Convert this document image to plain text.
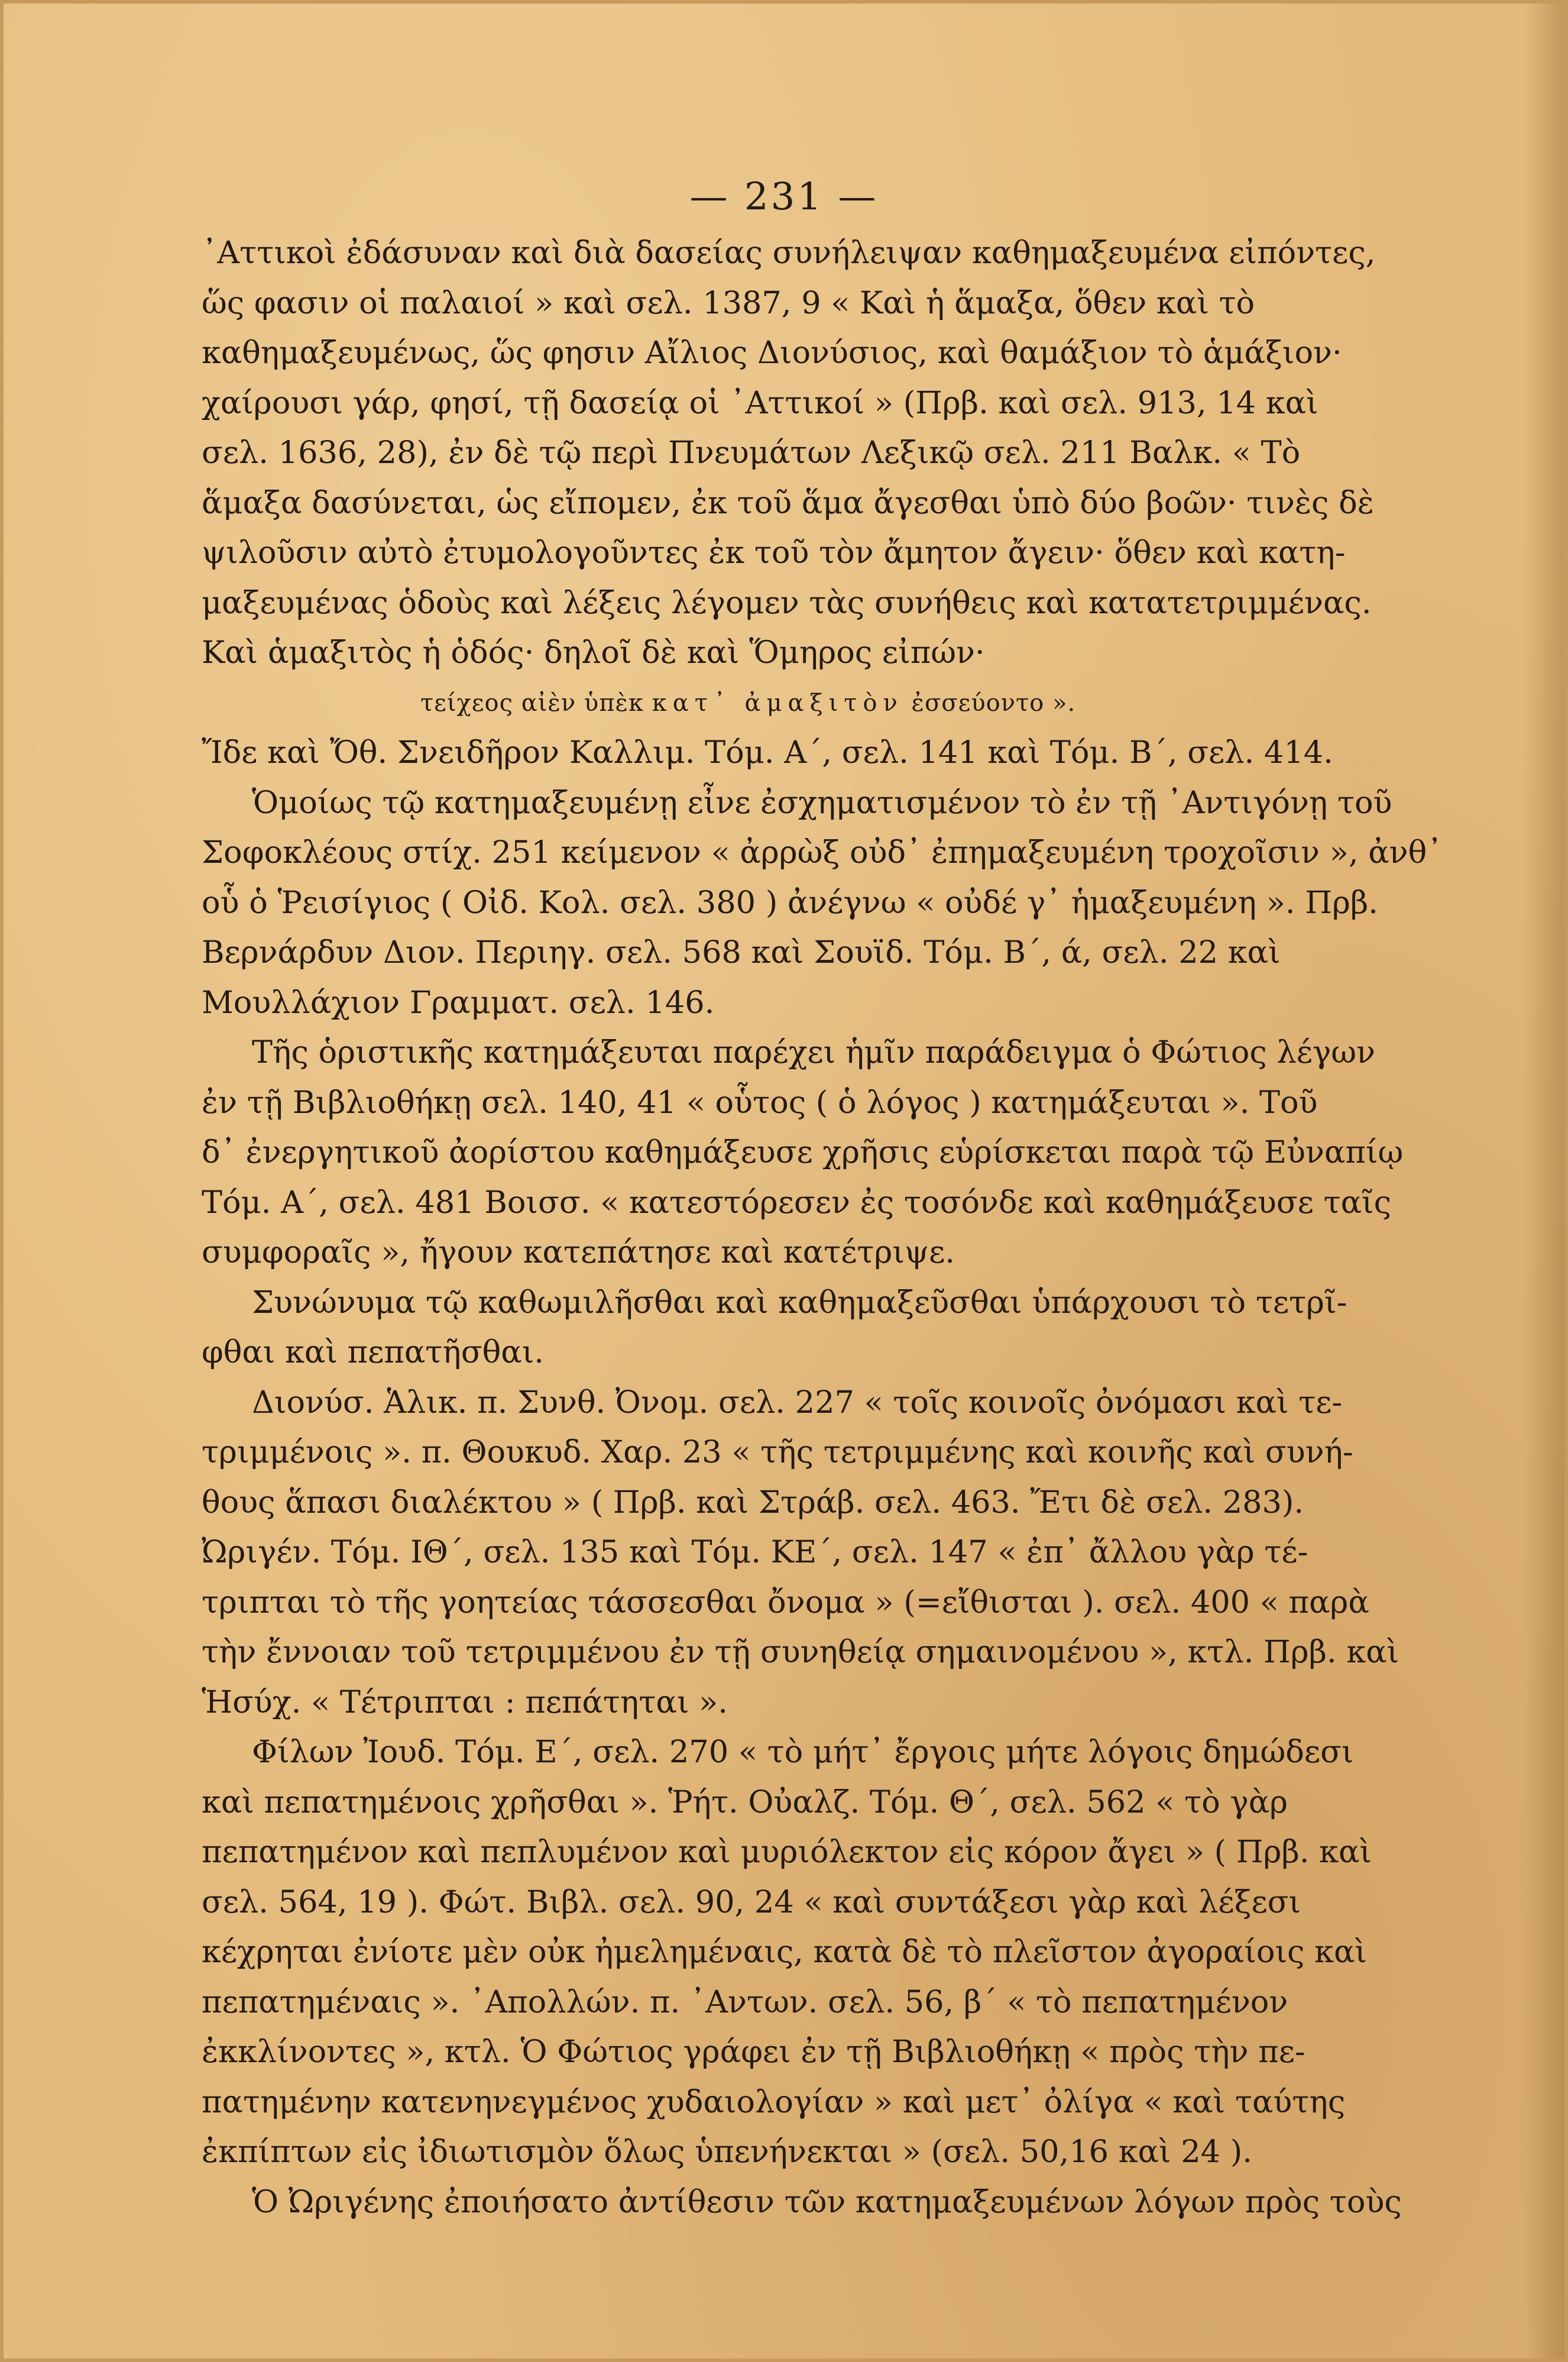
— 231 —
᾿Αττικοὶ ἐδάσυναν καὶ διὰ δασείας συνήλειψαν καθημαξευμένα εἰπόντες,
ὥς φασιν οἱ παλαιοί » καὶ σελ. 1387, 9 « Καὶ ἡ ἅμαξα, ὅθεν καὶ τὸ
καθημαξευμένως, ὥς φησιν Αἴλιος Διονύσιος, καὶ θαμάξιον τὸ ἁμάξιον·
χαίρουσι γάρ, φησί, τῇ δασείᾳ οἱ ᾿Αττικοί » (Πρβ. καὶ σελ. 913, 14 καὶ
σελ. 1636, 28), ἐν δὲ τῷ περὶ Πνευμάτων Λεξικῷ σελ. 211 Βαλκ. « Τὸ
ἅμαξα δασύνεται, ὡς εἴπομεν, ἐκ τοῦ ἅμα ἄγεσθαι ὑπὸ δύο βοῶν· τινὲς δὲ
ψιλοῦσιν αὐτὸ ἐτυμολογοῦντες ἐκ τοῦ τὸν ἄμητον ἄγειν· ὅθεν καὶ κατη-
μαξευμένας ὁδοὺς καὶ λέξεις λέγομεν τὰς συνήθεις καὶ κατατετριμμένας.
Καὶ ἁμαξιτὸς ἡ ὁδός· δηλοῖ δὲ καὶ Ὅμηρος εἰπών·
τείχεος αἰὲν ὑπὲκ κατ᾿ ἀμαξιτὸν ἐσσεύοντο ».
Ἴδε καὶ Ὄθ. Σνειδῆρον Καλλιμ. Τόμ. Α΄, σελ. 141 καὶ Τόμ. Β΄, σελ. 414.
Ὁμοίως τῷ κατημαξευμένῃ εἶνε ἐσχηματισμένον τὸ ἐν τῇ ᾿Αντιγόνῃ τοῦ
Σοφοκλέους στίχ. 251 κείμενον « ἀρρὼξ οὐδ᾿ ἐπημαξευμένη τροχοῖσιν », ἀνθ᾿
οὗ ὁ Ῥεισίγιος ( Οἰδ. Κολ. σελ. 380 ) ἀνέγνω « οὐδέ γ᾿ ἡμαξευμένη ». Πρβ.
Βερνάρδυν Διον. Περιηγ. σελ. 568 καὶ Σουϊδ. Τόμ. Β΄, ά, σελ. 22 καὶ
Μουλλάχιον Γραμματ. σελ. 146.
Τῆς ὁριστικῆς κατημάξευται παρέχει ἡμῖν παράδειγμα ὁ Φώτιος λέγων
ἐν τῇ Βιβλιοθήκῃ σελ. 140, 41 « οὗτος ( ὁ λόγος ) κατημάξευται ». Τοῦ
δ᾿ ἐνεργητικοῦ ἀορίστου καθημάξευσε χρῆσις εὑρίσκεται παρὰ τῷ Εὐναπίῳ
Τόμ. Α΄, σελ. 481 Βοισσ. « κατεστόρεσεν ἐς τοσόνδε καὶ καθημάξευσε ταῖς
συμφοραῖς », ἤγουν κατεπάτησε καὶ κατέτριψε.
Συνώνυμα τῷ καθωμιλῆσθαι καὶ καθημαξεῦσθαι ὑπάρχουσι τὸ τετρῖ-
φθαι καὶ πεπατῆσθαι.
Διονύσ. Ἁλικ. π. Συνθ. Ὀνομ. σελ. 227 « τοῖς κοινοῖς ὀνόμασι καὶ τε-
τριμμένοις ». π. Θουκυδ. Χαρ. 23 « τῆς τετριμμένης καὶ κοινῆς καὶ συνή-
θους ἅπασι διαλέκτου » ( Πρβ. καὶ Στράβ. σελ. 463. Ἔτι δὲ σελ. 283).
Ὠριγέν. Τόμ. ΙΘ΄, σελ. 135 καὶ Τόμ. ΚΕ΄, σελ. 147 « ἐπ᾿ ἄλλου γὰρ τέ-
τριπται τὸ τῆς γοητείας τάσσεσθαι ὄνομα » (=εἴθισται ). σελ. 400 « παρὰ
τὴν ἔννοιαν τοῦ τετριμμένου ἐν τῇ συνηθείᾳ σημαινομένου », κτλ. Πρβ. καὶ
Ἡσύχ. « Τέτριπται : πεπάτηται ».
Φίλων Ἰουδ. Τόμ. Ε΄, σελ. 270 « τὸ μήτ᾿ ἔργοις μήτε λόγοις δημώδεσι
καὶ πεπατημένοις χρῆσθαι ». Ῥήτ. Οὐαλζ. Τόμ. Θ΄, σελ. 562 « τὸ γὰρ
πεπατημένον καὶ πεπλυμένον καὶ μυριόλεκτον εἰς κόρον ἄγει » ( Πρβ. καὶ
σελ. 564, 19 ). Φώτ. Βιβλ. σελ. 90, 24 « καὶ συντάξεσι γὰρ καὶ λέξεσι
κέχρηται ἐνίοτε μὲν οὐκ ἠμελημέναις, κατὰ δὲ τὸ πλεῖστον ἀγοραίοις καὶ
πεπατημέναις ». ᾿Απολλών. π. ᾿Αντων. σελ. 56, β΄ « τὸ πεπατημένον
ἐκκλίνοντες », κτλ. Ὁ Φώτιος γράφει ἐν τῇ Βιβλιοθήκῃ « πρὸς τὴν πε-
πατημένην κατενηνεγμένος χυδαιολογίαν » καὶ μετ᾿ ὀλίγα « καὶ ταύτης
ἐκπίπτων εἰς ἰδιωτισμὸν ὅλως ὑπενήνεκται » (σελ. 50,16 καὶ 24 ).
Ὁ Ὠριγένης ἐποιήσατο ἀντίθεσιν τῶν κατημαξευμένων λόγων πρὸς τοὺς
